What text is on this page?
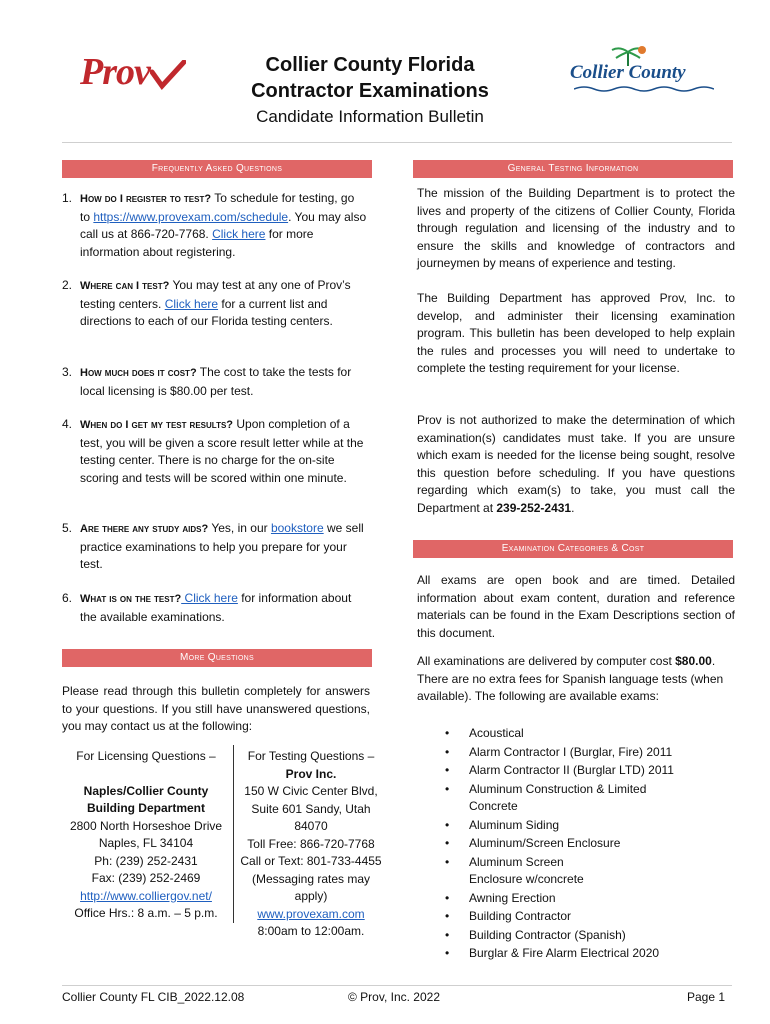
Prov	Collier County Florida
Contractor Examinations
Candidate Information Bulletin
Collier County
Frequently Asked Questions
1. How do I register to test? To schedule for testing, go to https://www.provexam.com/schedule. You may also call us at 866-720-7768. Click here for more information about registering.
2. Where can I test? You may test at any one of Prov’s testing centers. Click here for a current list and directions to each of our Florida testing centers.
3. How much does it cost? The cost to take the tests for local licensing is $80.00 per test.
4. When do I get my test results? Upon completion of a test, you will be given a score result letter while at the testing center. There is no charge for the on-site scoring and tests will be scored within one minute.
5. Are there any study aids? Yes, in our bookstore we sell practice examinations to help you prepare for your test.
6. What is on the test? Click here for information about the available examinations.
More Questions
Please read through this bulletin completely for answers to your questions. If you still have unanswered questions, you may contact us at the following:
For Licensing Questions –
Naples/Collier County
Building Department
2800 North Horseshoe Drive
Naples, FL 34104
Ph: (239) 252-2431
Fax: (239) 252-2469
http://www.colliergov.net/
Office Hrs.: 8 a.m. – 5 p.m.
For Testing Questions –
Prov Inc.
150 W Civic Center Blvd, Suite 601 Sandy, Utah 84070
Toll Free: 866-720-7768
Call or Text: 801-733-4455 (Messaging rates may apply)
www.provexam.com
8:00am to 12:00am.
General Testing Information
The mission of the Building Department is to protect the lives and property of the citizens of Collier County, Florida through regulation and licensing of the industry and to ensure the skills and knowledge of contractors and journeymen by means of experience and testing.
The Building Department has approved Prov, Inc. to develop, and administer their licensing examination program. This bulletin has been developed to help explain the rules and processes you will need to undertake to complete the testing requirement for your license.
Prov is not authorized to make the determination of which examination(s) candidates must take. If you are unsure which exam is needed for the license being sought, resolve this question before scheduling. If you have questions regarding which exam(s) to take, you must call the Department at 239-252-2431.
Examination Categories & Cost
All exams are open book and are timed. Detailed information about exam content, duration and reference materials can be found in the Exam Descriptions section of this document.
All examinations are delivered by computer cost $80.00. There are no extra fees for Spanish language tests (when available). The following are available exams:
• Acoustical
• Alarm Contractor I (Burglar, Fire) 2011
• Alarm Contractor II (Burglar LTD) 2011
• Aluminum Construction & Limited Concrete
• Aluminum Siding
• Aluminum/Screen Enclosure
• Aluminum Screen Enclosure w/concrete
• Awning Erection
• Building Contractor
• Building Contractor (Spanish)
• Burglar & Fire Alarm Electrical 2020
Collier County FL CIB_2022.12.08	© Prov, Inc. 2022	Page 1
